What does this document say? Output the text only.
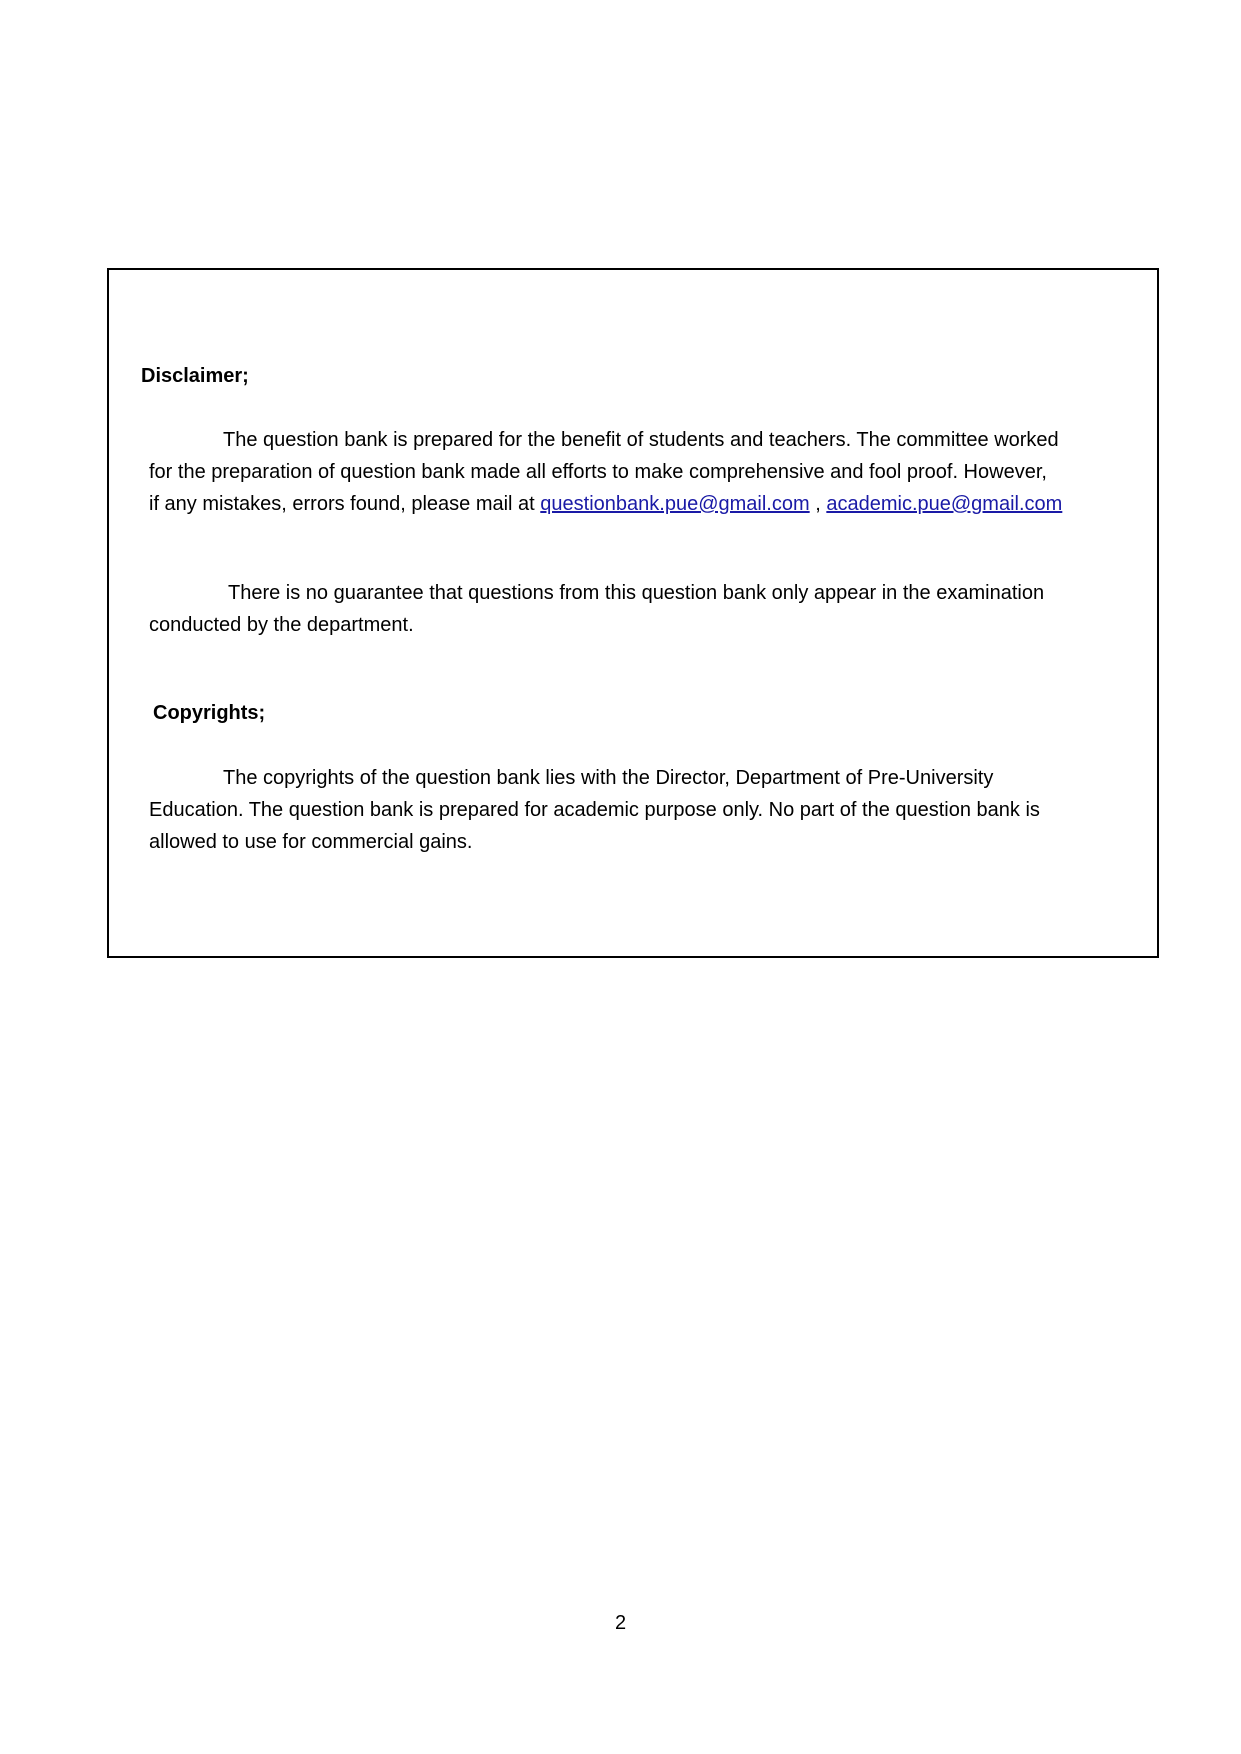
Disclaimer;
The question bank is prepared for the benefit of students and teachers. The committee worked
for the preparation of question bank made all efforts to make comprehensive and fool proof. However,
if any mistakes, errors found, please mail at questionbank.pue@gmail.com , academic.pue@gmail.com
There is no guarantee that questions from this question bank only appear in the examination
conducted by the department.
Copyrights;
The copyrights of the question bank lies with the Director, Department of Pre-University
Education. The question bank is prepared for academic purpose only. No part of the question bank is
allowed to use for commercial gains.
2
